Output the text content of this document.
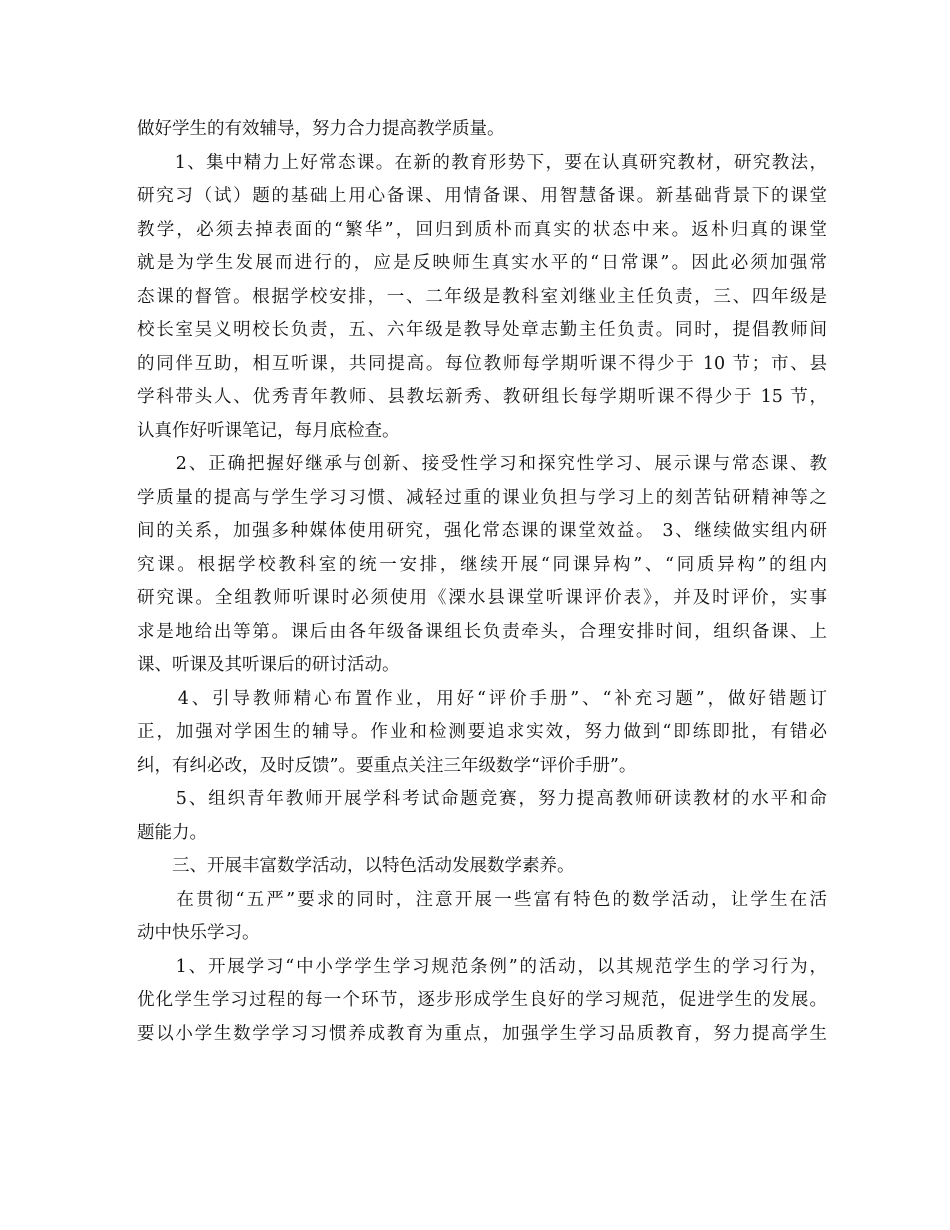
做好学生的有效辅导，努力合力提高教学质量。

　　1、集中精力上好常态课。在新的教育形势下，要在认真研究教材，研究教法，

研究习（试）题的基础上用心备课、用情备课、用智慧备课。新基础背景下的课堂

教学，必须去掉表面的“繁华”，回归到质朴而真实的状态中来。返朴归真的课堂

就是为学生发展而进行的，应是反映师生真实水平的“日常课”。因此必须加强常

态课的督管。根据学校安排，一、二年级是教科室刘继业主任负责，三、四年级是

校长室吴义明校长负责，五、六年级是教导处章志勤主任负责。同时，提倡教师间

的同伴互助，相互听课，共同提高。每位教师每学期听课不得少于 10 节；市、县

学科带头人、优秀青年教师、县教坛新秀、教研组长每学期听课不得少于 15 节，

认真作好听课笔记，每月底检查。

　　2、正确把握好继承与创新、接受性学习和探究性学习、展示课与常态课、教

学质量的提高与学生学习习惯、减轻过重的课业负担与学习上的刻苦钻研精神等之

间的关系，加强多种媒体使用研究，强化常态课的课堂效益。 3、继续做实组内研

究课。根据学校教科室的统一安排，继续开展“同课异构”、“同质异构”的组内

研究课。全组教师听课时必须使用《溧水县课堂听课评价表》，并及时评价，实事

求是地给出等第。课后由各年级备课组长负责牵头，合理安排时间，组织备课、上

课、听课及其听课后的研讨活动。

　　4、引导教师精心布置作业，用好“评价手册”、“补充习题”，做好错题订

正，加强对学困生的辅导。作业和检测要追求实效，努力做到“即练即批，有错必

纠，有纠必改，及时反馈”。要重点关注三年级数学“评价手册”。

　　5、组织青年教师开展学科考试命题竞赛，努力提高教师研读教材的水平和命

题能力。

　　三、开展丰富数学活动，以特色活动发展数学素养。

　　在贯彻“五严”要求的同时，注意开展一些富有特色的数学活动，让学生在活

动中快乐学习。

　　1、开展学习“中小学学生学习规范条例”的活动，以其规范学生的学习行为，

优化学生学习过程的每一个环节，逐步形成学生良好的学习规范，促进学生的发展。

要以小学生数学学习习惯养成教育为重点，加强学生学习品质教育，努力提高学生
